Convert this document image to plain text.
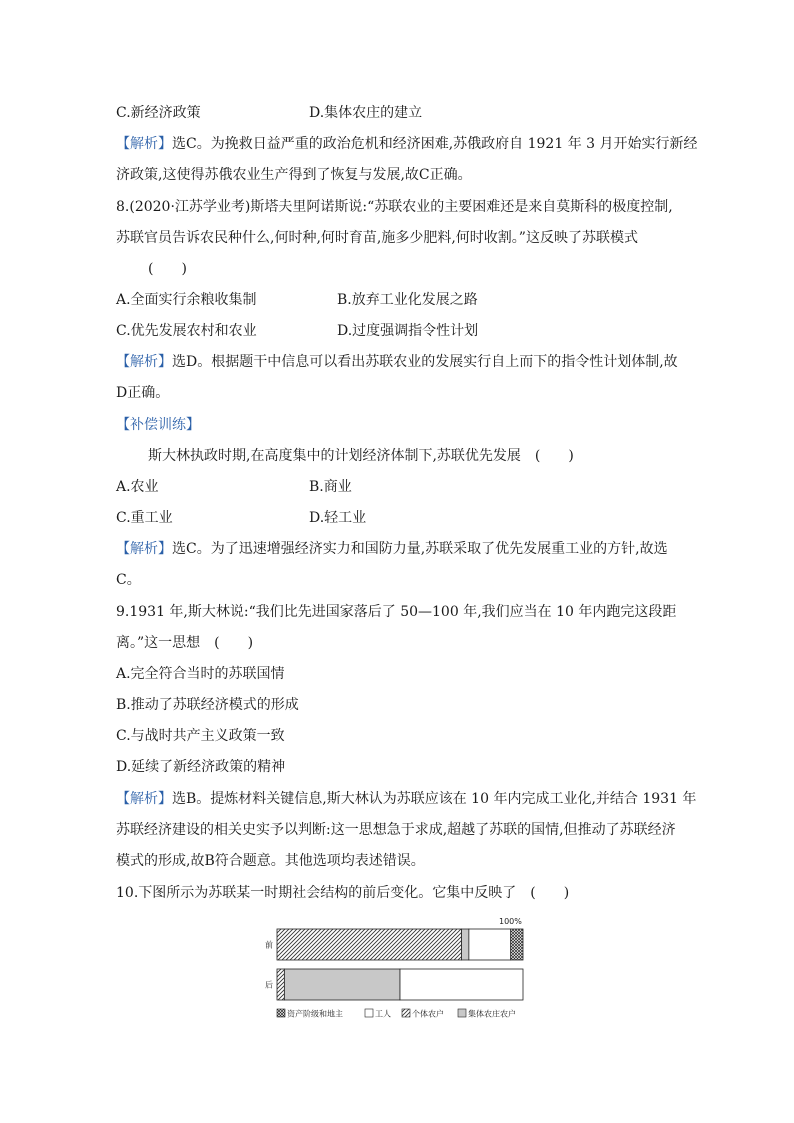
C.新经济政策	D.集体农庄的建立
【解析】选C。为挽救日益严重的政治危机和经济困难,苏俄政府自 1921 年 3 月开始实行新经
济政策,这使得苏俄农业生产得到了恢复与发展,故C正确。
8.(2020·江苏学业考)斯塔夫里阿诺斯说:“苏联农业的主要困难还是来自莫斯科的极度控制,
苏联官员告诉农民种什么,何时种,何时育苗,施多少肥料,何时收割。”这反映了苏联模式
(　　)
A.全面实行余粮收集制	B.放弃工业化发展之路
C.优先发展农村和农业	D.过度强调指令性计划
【解析】选D。根据题干中信息可以看出苏联农业的发展实行自上而下的指令性计划体制,故
D正确。
【补偿训练】
斯大林执政时期,在高度集中的计划经济体制下,苏联优先发展　(　　)
A.农业	B.商业
C.重工业	D.轻工业
【解析】选C。为了迅速增强经济实力和国防力量,苏联采取了优先发展重工业的方针,故选
C。
9.1931 年,斯大林说:“我们比先进国家落后了 50—100 年,我们应当在 10 年内跑完这段距
离。”这一思想　(　　)
A.完全符合当时的苏联国情
B.推动了苏联经济模式的形成
C.与战时共产主义政策一致
D.延续了新经济政策的精神
【解析】选B。提炼材料关键信息,斯大林认为苏联应该在 10 年内完成工业化,并结合 1931 年
苏联经济建设的相关史实予以判断:这一思想急于求成,超越了苏联的国情,但推动了苏联经济
模式的形成,故B符合题意。其他选项均表述错误。
10.下图所示为苏联某一时期社会结构的前后变化。它集中反映了　(　　)
100%
前
后
资产阶级和地主	工人	个体农户	集体农庄农户
